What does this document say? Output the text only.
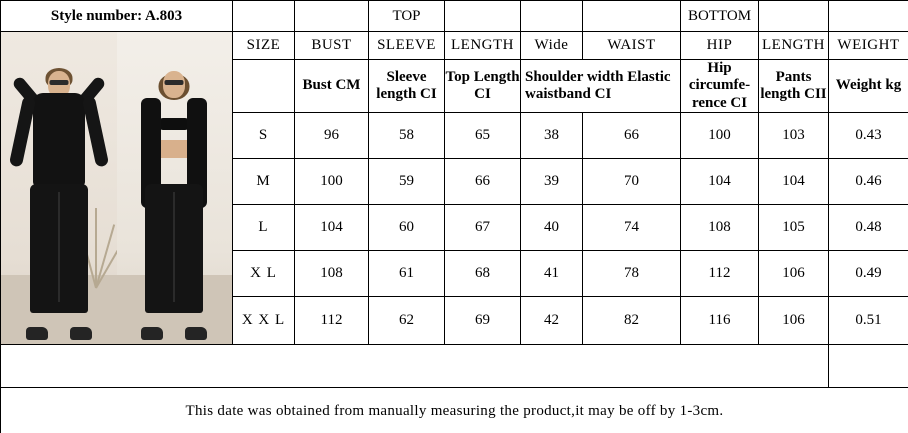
Style number: A.803			TOP				BOTTOM		

	SIZE	BUST	SLEEVE	LENGTH	Wide	WAIST	HIP	LENGTH	WEIGHT
		Bust CM	Sleeve length CI	Top Length CI	Shoulder width Elastic waistband CI		Hip circumfe-rence CI	Pants length CII	Weight kg
	S	96	58	65	38	66	100	103	0.43
	M	100	59	66	39	70	104	104	0.46
	L	104	60	67	40	74	108	105	0.48
	X L	108	61	68	41	78	112	106	0.49
	X X L	112	62	69	42	82	116	106	0.51

This date was obtained from manually measuring the product,it may be off by 1-3cm.									
